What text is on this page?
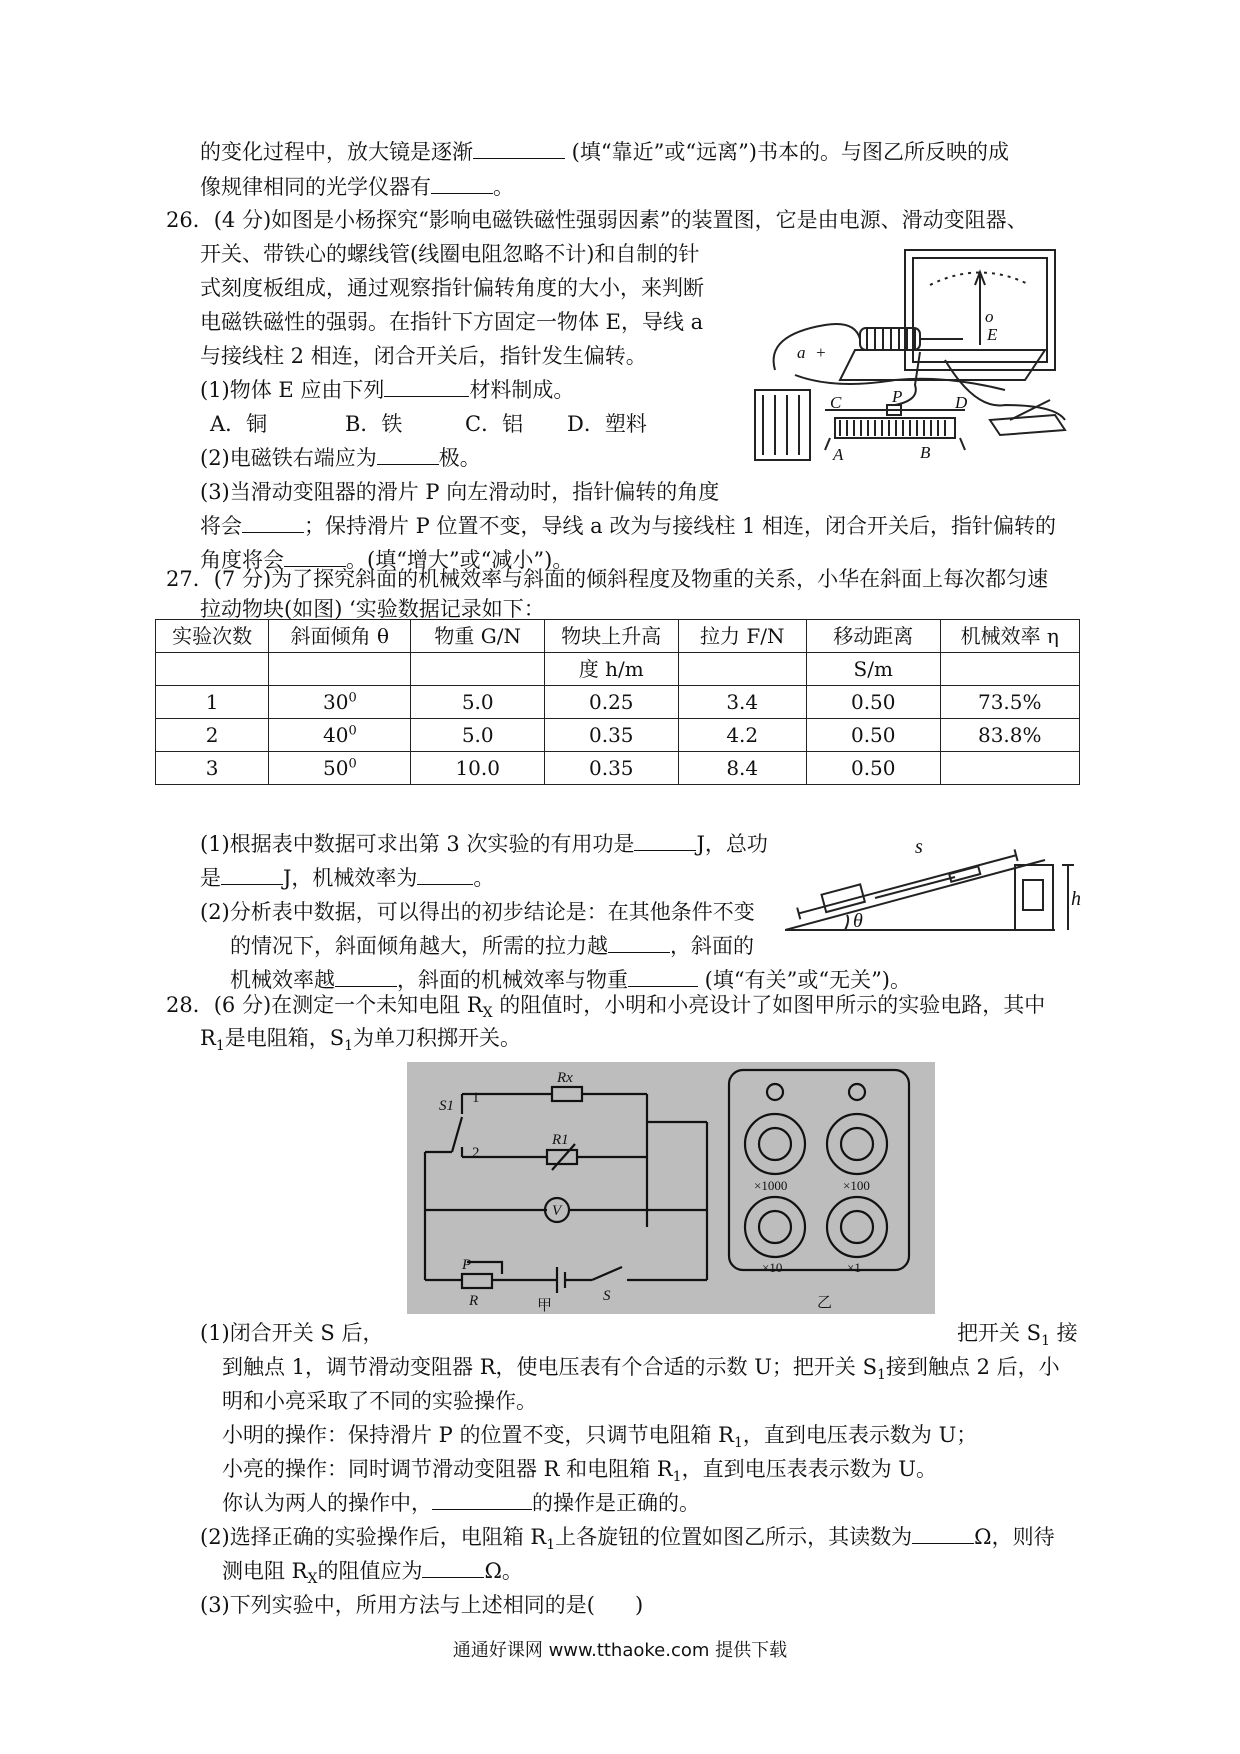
的变化过程中，放大镜是逐渐	(填“靠近”或“远离”)书本的。与图乙所反映的成
像规律相同的光学仪器有	。
26．(4 分)如图是小杨探究“影响电磁铁磁性强弱因素”的装置图，它是由电源、滑动变阻器、
开关、带铁心的螺线管(线圈电阻忽略不计)和自制的针
式刻度板组成，通过观察指针偏转角度的大小，来判断
电磁铁磁性的强弱。在指针下方固定一物体 E，导线 a
与接线柱 2 相连，闭合开关后，指针发生偏转。
(1)物体 E 应由下列	材料制成。
A．铜	B．铁	C．铝 D．塑料
(2)电磁铁右端应为	极。
(3)当滑动变阻器的滑片 P 向左滑动时，指针偏转的角度
将会	；保持滑片 P 位置不变，导线 a 改为与接线柱 1 相连，闭合开关后，指针偏转的
角度将会	。(填“增大”或“减小”)。
+
o
E
a
C	P	D
A	B
27．(7 分)为了探究斜面的机械效率与斜面的倾斜程度及物重的关系，小华在斜面上每次都匀速
拉动物块(如图) ‘实验数据记录如下：
实验次数	斜面倾角 θ	物重 G/N	物块上升高	拉力 F/N	移动距离	机械效率 η
			度 h/m		S/m	
1	$30^0$	5.0	0.25	3.4	0.50	73.5%
2	$40^0$	5.0	0.35	4.2	0.50	83.8%
3	$50^0$	10.0	0.35	8.4	0.50	
(1)根据表中数据可求出第 3 次实验的有用功是	J，总功
是	J，机械效率为	。
(2)分析表中数据，可以得出的初步结论是：在其他条件不变
的情况下，斜面倾角越大，所需的拉力越	，斜面的
机械效率越	，斜面的机械效率与物重	(填“有关”或“无关”)。
s
θ
h
28．(6 分)在测定一个未知电阻 $R_X$ 的阻值时，小明和小亮设计了如图甲所示的实验电路，其中
$R_1$是电阻箱，$S_1$为单刀积掷开关。
Rx
S1 1
2
R1
V
P
R	S
甲
×1000	×100
×10	×1
乙
(1)闭合开关 S 后，	把开关 $S_1$ 接
到触点 1，调节滑动变阻器 R，使电压表有个合适的示数 U；把开关 $S_1$接到触点 2 后，小
明和小亮采取了不同的实验操作。
小明的操作：保持滑片 P 的位置不变，只调节电阻箱 $R_1$，直到电压表示数为 U；
小亮的操作：同时调节滑动变阻器 R 和电阻箱 $R_1$，直到电压表表示数为 U。
你认为两人的操作中，	的操作是正确的。
(2)选择正确的实验操作后，电阻箱 $R_1$上各旋钮的位置如图乙所示，其读数为	Ω，则待
测电阻 $R_X$的阻值应为	Ω。
(3)下列实验中，所用方法与上述相同的是( )
通通好课网 www.tthaoke.com 提供下载
